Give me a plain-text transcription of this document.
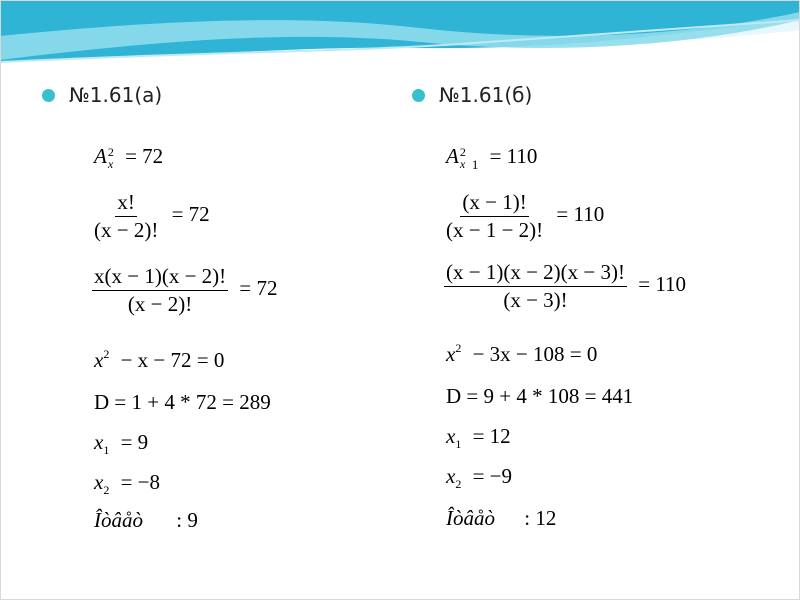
№1.61(а)
A 2
x = 72
$\frac{x!}{(x - 2)!} = 72$
$\frac{x(x - 1)(x - 2)!}{(x - 2)!} = 72$
$x^2 - x - 72 = 0$
D = 1 + 4 * 72 = 289
$x_1 = 9$
$x_2 = -8$
Îòâåò : 9
№1.61(б)
A 2
x $_1$ = 110
$\frac{(x - 1)!}{(x - 1 - 2)!} = 110$
$\frac{(x - 1)(x - 2)(x - 3)!}{(x - 3)!} = 110$
$x^2 - 3x - 108 = 0$
D = 9 + 4 * 108 = 441
$x_1 = 12$
$x_2 = -9$
Îòâåò : 12
